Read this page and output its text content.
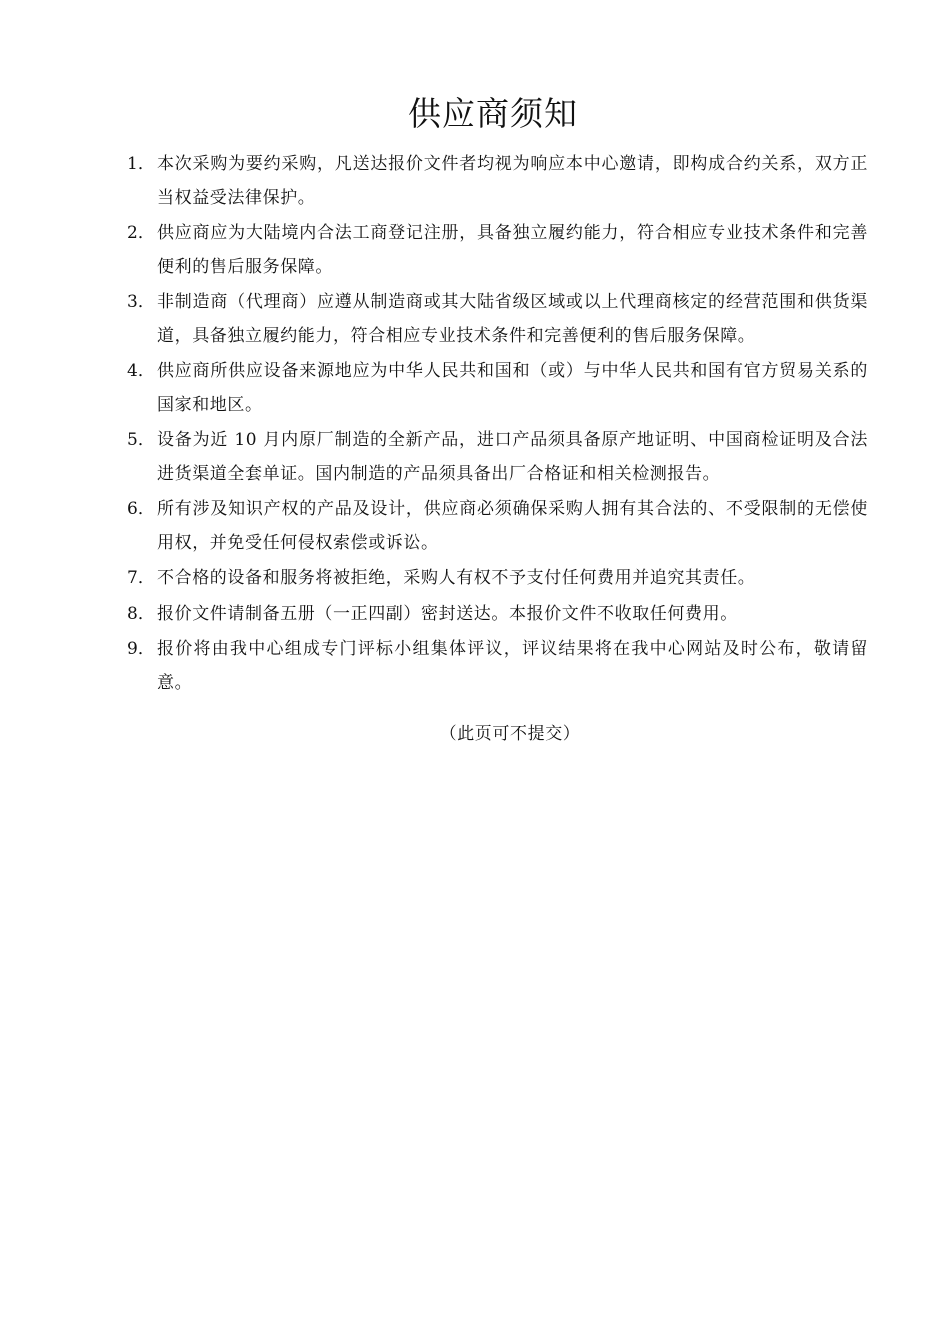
供应商须知
1． 本次采购为要约采购，凡送达报价文件者均视为响应本中心邀请，即构成合约关系，双方正当权益受法律保护。
2． 供应商应为大陆境内合法工商登记注册，具备独立履约能力，符合相应专业技术条件和完善便利的售后服务保障。
3． 非制造商（代理商）应遵从制造商或其大陆省级区域或以上代理商核定的经营范围和供货渠道，具备独立履约能力，符合相应专业技术条件和完善便利的售后服务保障。
4． 供应商所供应设备来源地应为中华人民共和国和（或）与中华人民共和国有官方贸易关系的国家和地区。
5． 设备为近 10 月内原厂制造的全新产品，进口产品须具备原产地证明、中国商检证明及合法进货渠道全套单证。国内制造的产品须具备出厂合格证和相关检测报告。
6． 所有涉及知识产权的产品及设计，供应商必须确保采购人拥有其合法的、不受限制的无偿使用权，并免受任何侵权索偿或诉讼。
7． 不合格的设备和服务将被拒绝，采购人有权不予支付任何费用并追究其责任。
8． 报价文件请制备五册（一正四副）密封送达。本报价文件不收取任何费用。
9． 报价将由我中心组成专门评标小组集体评议，评议结果将在我中心网站及时公布，敬请留意。
（此页可不提交）
